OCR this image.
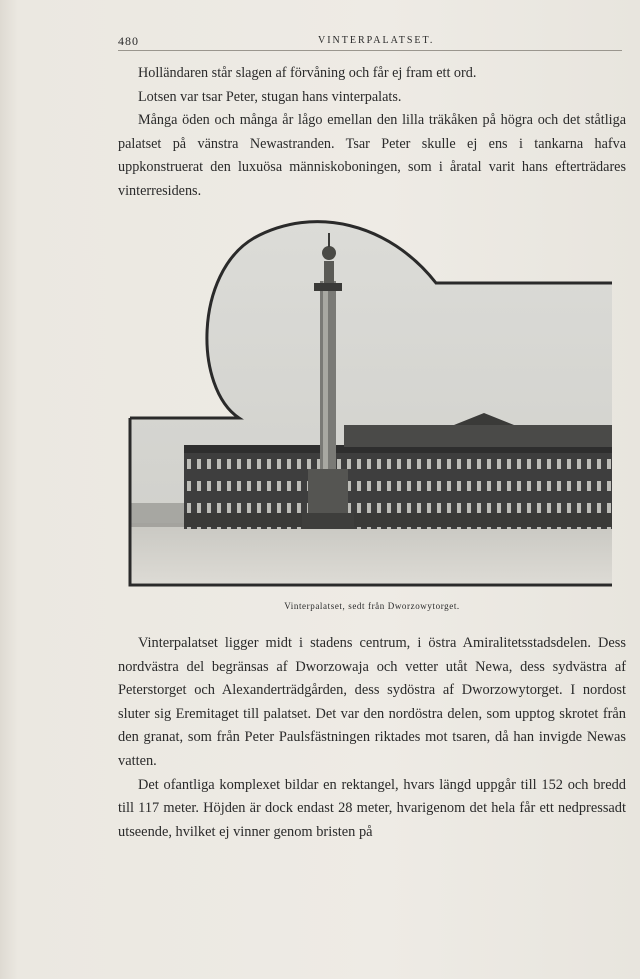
480	VINTERPALATSET.

Holländaren står slagen af förvåning och får ej fram ett ord.

Lotsen var tsar Peter, stugan hans vinterpalats.

Många öden och många år lågo emellan den lilla träkåken på högra och det ståtliga palatset på vänstra Newastranden. Tsar Peter skulle ej ens i tankarna hafva uppkonstruerat den luxuösa människoboningen, som i åratal varit hans efterträdares vinterresidens.

Vinterpalatset, sedt från Dworzowytorget.

Vinterpalatset ligger midt i stadens centrum, i östra Amiralitetsstadsdelen. Dess nordvästra del begränsas af Dworzowaja och vetter utåt Newa, dess sydvästra af Peterstorget och Alexanderträdgården, dess sydöstra af Dworzowytorget. I nordost sluter sig Eremitaget till palatset. Det var den nordöstra delen, som upptog skrotet från den granat, som från Peter Paulsfästningen riktades mot tsaren, då han invigde Newas vatten.

Det ofantliga komplexet bildar en rektangel, hvars längd uppgår till 152 och bredd till 117 meter. Höjden är dock endast 28 meter, hvarigenom det hela får ett nedpressadt utseende, hvilket ej vinner genom bristen på
